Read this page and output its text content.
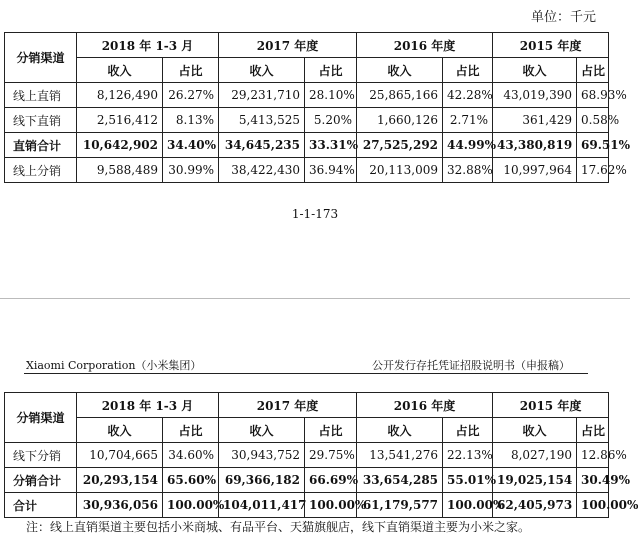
单位：千元
分销渠道	2018 年 1-3 月		2017 年度		2016 年度		2015 年度	
	收入	占比	收入	占比	收入	占比	收入	占比
线上直销	8,126,490	26.27%	29,231,710	28.10%	25,865,166	42.28%	43,019,390	68.93%
线下直销	2,516,412	8.13%	5,413,525	5.20%	1,660,126	2.71%	361,429	0.58%
直销合计	10,642,902	34.40%	34,645,235	33.31%	27,525,292	44.99%	43,380,819	69.51%
线上分销	9,588,489	30.99%	38,422,430	36.94%	20,113,009	32.88%	10,997,964	17.62%
1-1-173
Xiaomi Corporation（小米集团）	公开发行存托凭证招股说明书（申报稿）
分销渠道	2018 年 1-3 月		2017 年度		2016 年度		2015 年度	
	收入	占比	收入	占比	收入	占比	收入	占比
线下分销	10,704,665	34.60%	30,943,752	29.75%	13,541,276	22.13%	8,027,190	12.86%
分销合计	20,293,154	65.60%	69,366,182	66.69%	33,654,285	55.01%	19,025,154	30.49%
合计	30,936,056	100.00%	104,011,417	100.00%	61,179,577	100.00%	62,405,973	100.00%
注：线上直销渠道主要包括小米商城、有品平台、天猫旗舰店，线下直销渠道主要为小米之家。
